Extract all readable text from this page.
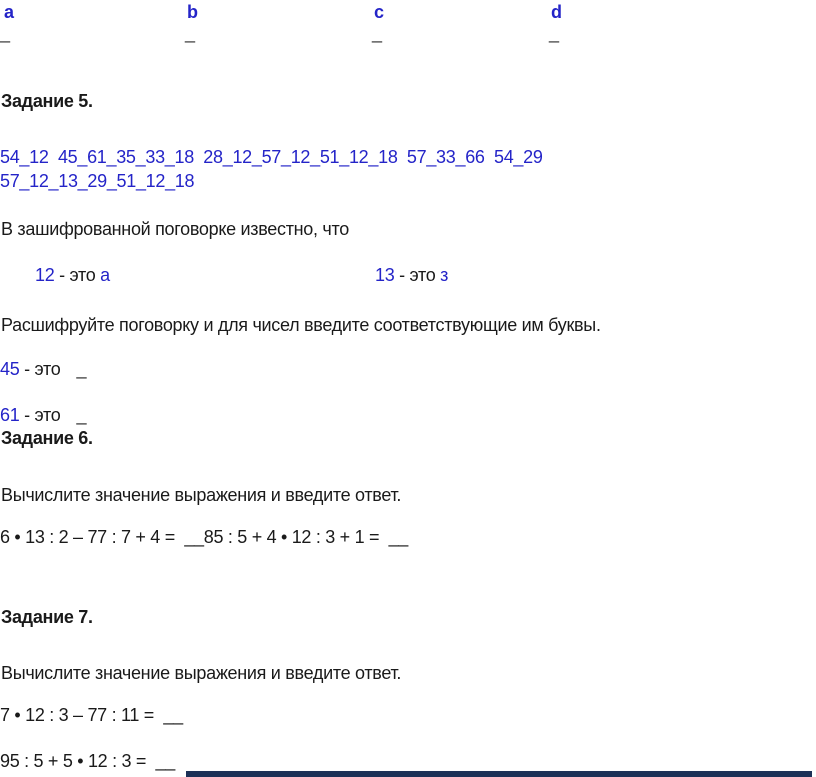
a	b	c	d
_	_	_	_
Задание 5.
54_12  45_61_35_33_18  28_12_57_12_51_12_18  57_33_66  54_29
57_12_13_29_51_12_18
В зашифрованной поговорке известно, что
12 - это а	13 - это з
Расшифруйте поговорку и для чисел введите соответствующие им буквы.
45 - это _
61 - это _
Задание 6.
Вычислите значение выражения и введите ответ.
6 • 13 : 2 – 77 : 7 + 4 =  __85 : 5 + 4 • 12 : 3 + 1 =  __
Задание 7.
Вычислите значение выражения и введите ответ.
7 • 12 : 3 – 77 : 11 =  __
95 : 5 + 5 • 12 : 3 =  __
